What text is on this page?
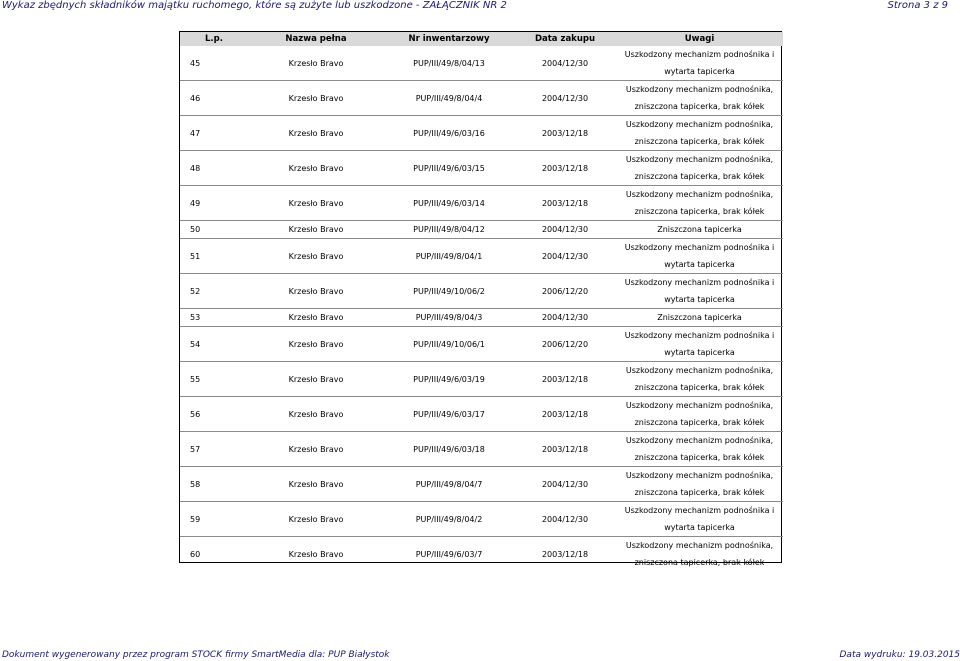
Wykaz zbędnych składników majątku ruchomego, które są zużyte lub uszkodzone - ZAŁĄCZNIK NR 2	Strona 3 z 9
L.p.	Nazwa pełna	Nr inwentarzowy	Data zakupu	Uwagi
45	Krzesło Bravo	PUP/III/49/8/04/13	2004/12/30	Uszkodzony mechanizm podnośnika i
wytarta tapicerka

46	Krzesło Bravo	PUP/III/49/8/04/4	2004/12/30	Uszkodzony mechanizm podnośnika,
zniszczona tapicerka, brak kółek

47	Krzesło Bravo	PUP/III/49/6/03/16	2003/12/18	Uszkodzony mechanizm podnośnika,
zniszczona tapicerka, brak kółek

48	Krzesło Bravo	PUP/III/49/6/03/15	2003/12/18	Uszkodzony mechanizm podnośnika,
zniszczona tapicerka, brak kółek

49	Krzesło Bravo	PUP/III/49/6/03/14	2003/12/18	Uszkodzony mechanizm podnośnika,
zniszczona tapicerka, brak kółek

50	Krzesło Bravo	PUP/III/49/8/04/12	2004/12/30	Zniszczona tapicerka

51	Krzesło Bravo	PUP/III/49/8/04/1	2004/12/30	Uszkodzony mechanizm podnośnika i
wytarta tapicerka

52	Krzesło Bravo	PUP/III/49/10/06/2	2006/12/20	Uszkodzony mechanizm podnośnika i
wytarta tapicerka

53	Krzesło Bravo	PUP/III/49/8/04/3	2004/12/30	Zniszczona tapicerka

54	Krzesło Bravo	PUP/III/49/10/06/1	2006/12/20	Uszkodzony mechanizm podnośnika i
wytarta tapicerka

55	Krzesło Bravo	PUP/III/49/6/03/19	2003/12/18	Uszkodzony mechanizm podnośnika,
zniszczona tapicerka, brak kółek

56	Krzesło Bravo	PUP/III/49/6/03/17	2003/12/18	Uszkodzony mechanizm podnośnika,
zniszczona tapicerka, brak kółek

57	Krzesło Bravo	PUP/III/49/6/03/18	2003/12/18	Uszkodzony mechanizm podnośnika,
zniszczona tapicerka, brak kółek

58	Krzesło Bravo	PUP/III/49/8/04/7	2004/12/30	Uszkodzony mechanizm podnośnika,
zniszczona tapicerka, brak kółek

59	Krzesło Bravo	PUP/III/49/8/04/2	2004/12/30	Uszkodzony mechanizm podnośnika i
wytarta tapicerka

60	Krzesło Bravo	PUP/III/49/6/03/7	2003/12/18	Uszkodzony mechanizm podnośnika,
zniszczona tapicerka, brak kółek
Dokument wygenerowany przez program STOCK firmy SmartMedia dla: PUP Białystok	Data wydruku: 19.03.2015
